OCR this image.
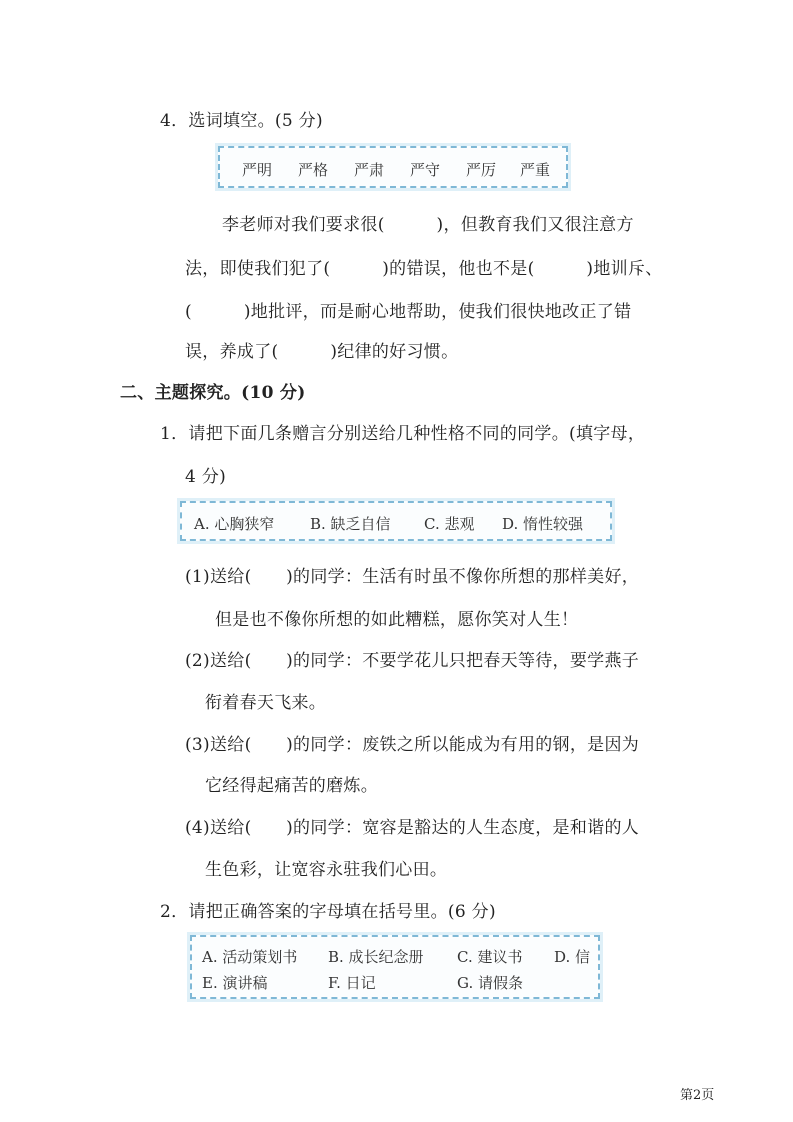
4．选词填空。(5 分)
严明 严格 严肃 严守 严厉 严重
李老师对我们要求很(　　　)，但教育我们又很注意方
法，即使我们犯了(　　　)的错误，他也不是(　　　)地训斥、
(　　　)地批评，而是耐心地帮助，使我们很快地改正了错
误，养成了(　　　)纪律的好习惯。
二、主题探究。(10 分)
1．请把下面几条赠言分别送给几种性格不同的同学。(填字母，
4 分)
A. 心胸狭窄 B. 缺乏自信 C. 悲观 D. 惰性较强
(1)送给(　　)的同学：生活有时虽不像你所想的那样美好，
但是也不像你所想的如此糟糕，愿你笑对人生！
(2)送给(　　)的同学：不要学花儿只把春天等待，要学燕子
衔着春天飞来。
(3)送给(　　)的同学：废铁之所以能成为有用的钢，是因为
它经得起痛苦的磨炼。
(4)送给(　　)的同学：宽容是豁达的人生态度，是和谐的人
生色彩，让宽容永驻我们心田。
2．请把正确答案的字母填在括号里。(6 分)
A. 活动策划书 B. 成长纪念册 C. 建议书 D. 信
E. 演讲稿	F. 日记	G. 请假条
第2页
